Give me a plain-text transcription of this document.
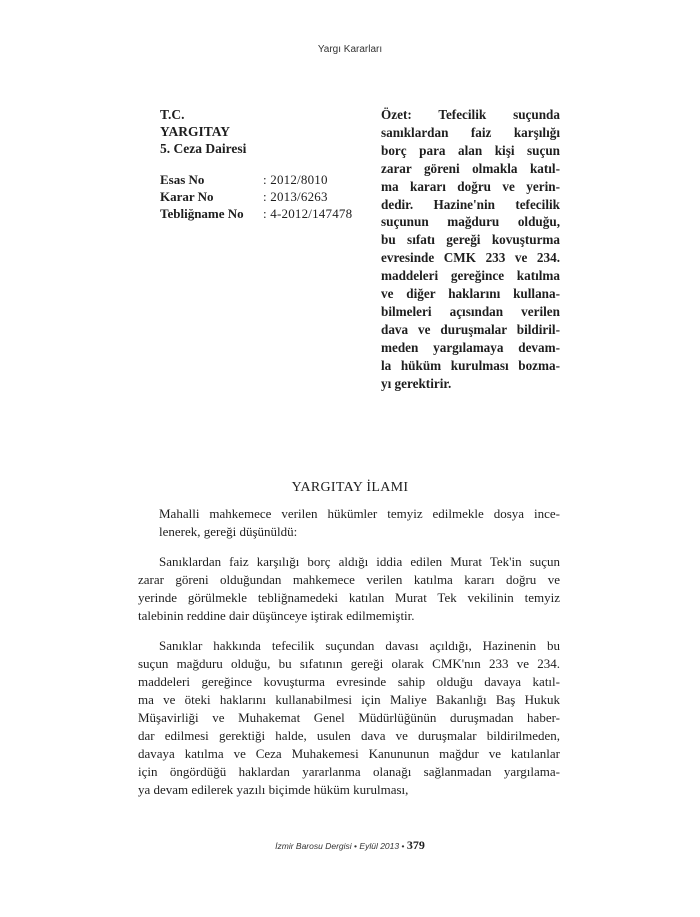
Yargı Kararları
T.C.
YARGITAY
5. Ceza Dairesi
Esas No	: 2012/8010
Karar No	: 2013/6263
Tebliğname No	: 4-2012/147478
Özet: Tefecilik suçunda
sanıklardan faiz karşılığı
borç para alan kişi suçun
zarar göreni olmakla katıl-
ma kararı doğru ve yerin-
dedir. Hazine'nin tefecilik
suçunun mağduru olduğu,
bu sıfatı gereği kovuşturma
evresinde CMK 233 ve 234.
maddeleri gereğince katılma
ve diğer haklarını kullana-
bilmeleri açısından verilen
dava ve duruşmalar bildiril-
meden yargılamaya devam-
la hüküm kurulması bozma-
yı gerektirir.
YARGITAY İLAMI
Mahalli mahkemece verilen hükümler temyiz edilmekle dosya ince-
lenerek, gereği düşünüldü:
Sanıklardan faiz karşılığı borç aldığı iddia edilen Murat Tek'in suçun
zarar göreni olduğundan mahkemece verilen katılma kararı doğru ve
yerinde görülmekle tebliğnamedeki katılan Murat Tek vekilinin temyiz
talebinin reddine dair düşünceye iştirak edilmemiştir.
Sanıklar hakkında tefecilik suçundan davası açıldığı, Hazinenin bu
suçun mağduru olduğu, bu sıfatının gereği olarak CMK'nın 233 ve 234.
maddeleri gereğince kovuşturma evresinde sahip olduğu davaya katıl-
ma ve öteki haklarını kullanabilmesi için Maliye Bakanlığı Baş Hukuk
Müşavirliği ve Muhakemat Genel Müdürlüğünün duruşmadan haber-
dar edilmesi gerektiği halde, usulen dava ve duruşmalar bildirilmeden,
davaya katılma ve Ceza Muhakemesi Kanununun mağdur ve katılanlar
için öngördüğü haklardan yararlanma olanağı sağlanmadan yargılama-
ya devam edilerek yazılı biçimde hüküm kurulması,
İzmir Barosu Dergisi • Eylül 2013 • 379
